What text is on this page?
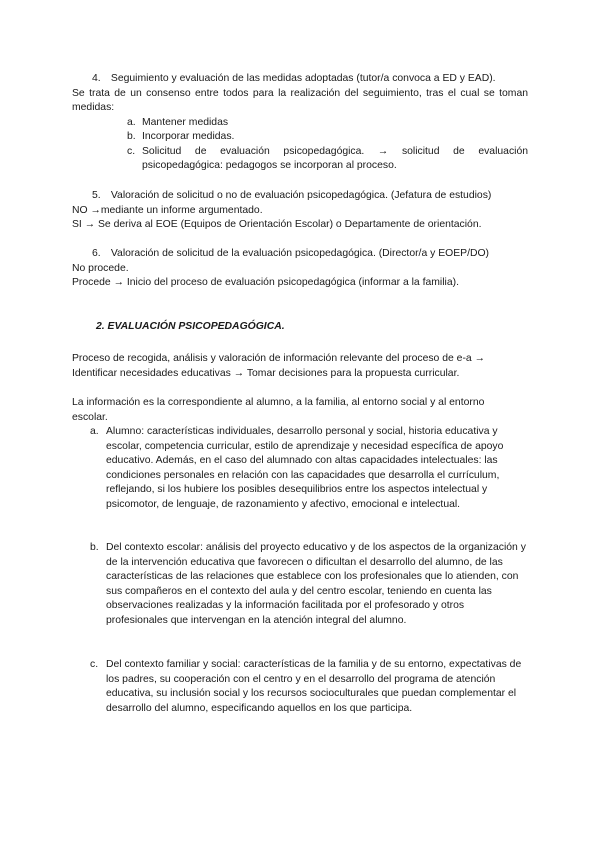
4. Seguimiento y evaluación de las medidas adoptadas (tutor/a convoca a ED y EAD).

Se trata de un consenso entre todos para la realización del seguimiento, tras el cual se toman medidas:

a. Mantener medidas

b. Incorporar medidas.

c. Solicitud de evaluación psicopedagógica. → solicitud de evaluación psicopedagógica: pedagogos se incorporan al proceso.

5. Valoración de solicitud o no de evaluación psicopedagógica. (Jefatura de estudios)

NO →mediante un informe argumentado.

SI → Se deriva al EOE (Equipos de Orientación Escolar) o Departamente de orientación.

6. Valoración de solicitud de la evaluación psicopedagógica. (Director/a y EOEP/DO)

No procede.

Procede → Inicio del proceso de evaluación psicopedagógica (informar a la familia).

2. EVALUACIÓN PSICOPEDAGÓGICA.

Proceso de recogida, análisis y valoración de información relevante del proceso de e-a → Identificar necesidades educativas → Tomar decisiones para la propuesta curricular.

La información es la correspondiente al alumno, a la familia, al entorno social y al entorno escolar.

a. Alumno: características individuales, desarrollo personal y social, historia educativa y escolar, competencia curricular, estilo de aprendizaje y necesidad específica de apoyo educativo. Además, en el caso del alumnado con altas capacidades intelectuales: las condiciones personales en relación con las capacidades que desarrolla el currículum, reflejando, si los hubiere los posibles desequilibrios entre los aspectos intelectual y psicomotor, de lenguaje, de razonamiento y afectivo, emocional e intelectual.

b. Del contexto escolar: análisis del proyecto educativo y de los aspectos de la organización y de la intervención educativa que favorecen o dificultan el desarrollo del alumno, de las características de las relaciones que establece con los profesionales que lo atienden, con sus compañeros en el contexto del aula y del centro escolar, teniendo en cuenta las observaciones realizadas y la información facilitada por el profesorado y otros profesionales que intervengan en la atención integral del alumno.

c. Del contexto familiar y social: características de la familia y de su entorno, expectativas de los padres, su cooperación con el centro y en el desarrollo del programa de atención educativa, su inclusión social y los recursos socioculturales que puedan complementar el desarrollo del alumno, especificando aquellos en los que participa.
